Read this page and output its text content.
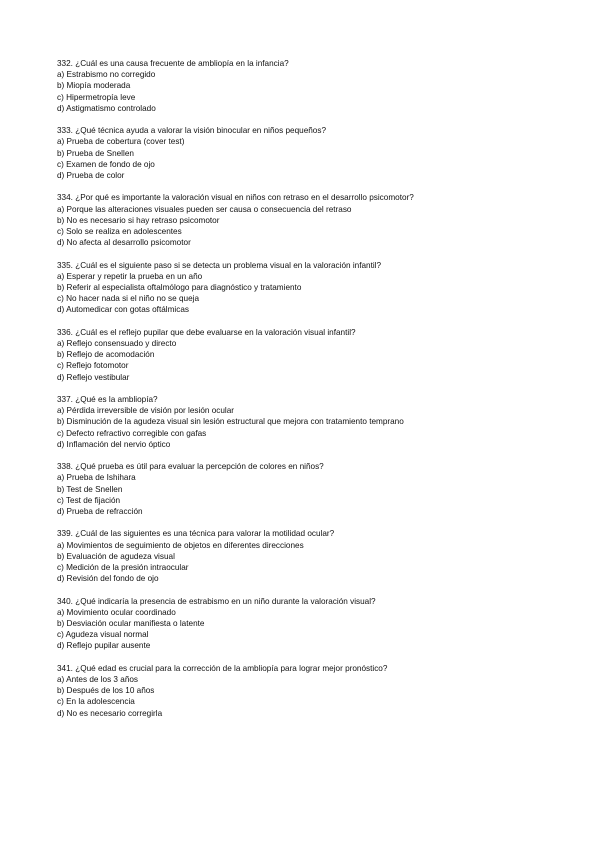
332. ¿Cuál es una causa frecuente de ambliopía en la infancia?
a) Estrabismo no corregido
b) Miopía moderada
c) Hipermetropía leve
d) Astigmatismo controlado
333. ¿Qué técnica ayuda a valorar la visión binocular en niños pequeños?
a) Prueba de cobertura (cover test)
b) Prueba de Snellen
c) Examen de fondo de ojo
d) Prueba de color
334. ¿Por qué es importante la valoración visual en niños con retraso en el desarrollo psicomotor?
a) Porque las alteraciones visuales pueden ser causa o consecuencia del retraso
b) No es necesario si hay retraso psicomotor
c) Solo se realiza en adolescentes
d) No afecta al desarrollo psicomotor
335. ¿Cuál es el siguiente paso si se detecta un problema visual en la valoración infantil?
a) Esperar y repetir la prueba en un año
b) Referir al especialista oftalmólogo para diagnóstico y tratamiento
c) No hacer nada si el niño no se queja
d) Automedicar con gotas oftálmicas
336. ¿Cuál es el reflejo pupilar que debe evaluarse en la valoración visual infantil?
a) Reflejo consensuado y directo
b) Reflejo de acomodación
c) Reflejo fotomotor
d) Reflejo vestibular
337. ¿Qué es la ambliopía?
a) Pérdida irreversible de visión por lesión ocular
b) Disminución de la agudeza visual sin lesión estructural que mejora con tratamiento temprano
c) Defecto refractivo corregible con gafas
d) Inflamación del nervio óptico
338. ¿Qué prueba es útil para evaluar la percepción de colores en niños?
a) Prueba de Ishihara
b) Test de Snellen
c) Test de fijación
d) Prueba de refracción
339. ¿Cuál de las siguientes es una técnica para valorar la motilidad ocular?
a) Movimientos de seguimiento de objetos en diferentes direcciones
b) Evaluación de agudeza visual
c) Medición de la presión intraocular
d) Revisión del fondo de ojo
340. ¿Qué indicaría la presencia de estrabismo en un niño durante la valoración visual?
a) Movimiento ocular coordinado
b) Desviación ocular manifiesta o latente
c) Agudeza visual normal
d) Reflejo pupilar ausente
341. ¿Qué edad es crucial para la corrección de la ambliopía para lograr mejor pronóstico?
a) Antes de los 3 años
b) Después de los 10 años
c) En la adolescencia
d) No es necesario corregirla
